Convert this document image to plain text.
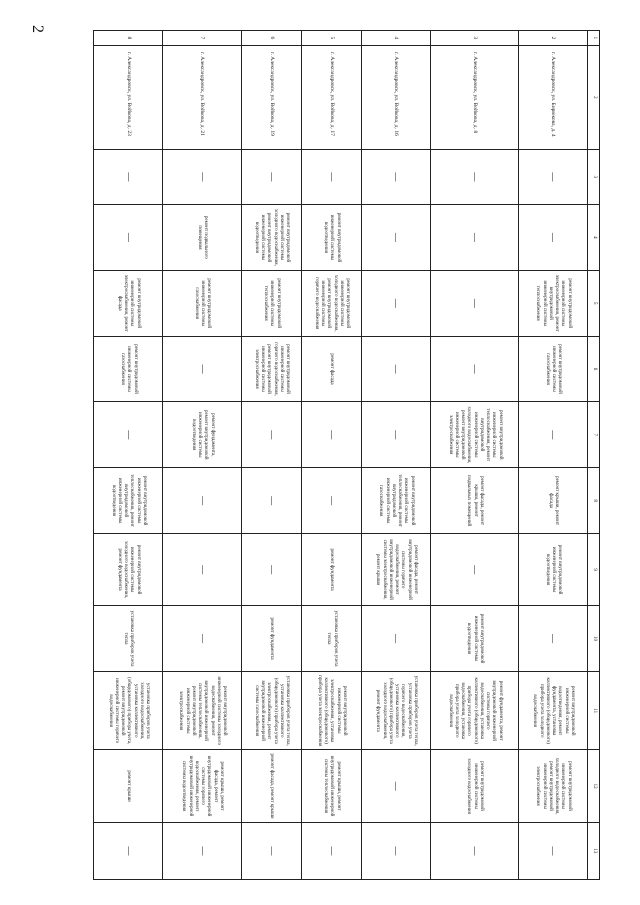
2
1	2	3	4	5	6	7	8	9	10	11	12	13
2	г. Александровск, ул. Бирюкова, д. 4	—	—	ремонт внутридомовой инженерной системы электроснабжения, ремонт внутридомовой инженерной системы теплоснабжения	ремонт внутридомовой инженерной системы газоснабжения	—	ремонт крыши, ремонт фасада	ремонт внутридомовой инженерной системы водоотведения	—	ремонт внутридомовой инженерной системы водоотведения, ремонт фундамента, установка коллективного (общедомового) прибора учета холодного водоснабжения	ремонт внутридомовой инженерной системы холодного водоснабжения, ремонт внутридомовой инженерной системы электроснабжения	—
3	г. Александровск, ул. Войкова, д. 8	—	—	—	—	ремонт внутридомовой инженерной системы теплоснабжения, ремонт внутридомовой инженерной системы холодного водоснабжения, ремонт внутридомовой инженерной системы электроснабжения	ремонт фасада, ремонт крыши, ремонт подвальных помещений	—	ремонт внутридомовой инженерной системы водоотведения	ремонт фундамента, ремонт внутридомовой инженерной системы горячего водоснабжения, установка коллективного (общедомового) прибора учета горячего водоснабжения, установка прибора учета холодного водоснабжения	ремонт внутридомовой инженерной системы холодного водоснабжения	—
4	г. Александровск, ул. Войкова, д. 16	—	—	—	—	—	ремонт внутридомовой инженерной системы теплоснабжения, ремонт внутридомовой инженерной системы газоснабжения	ремонт фасада, ремонт внутридомовой инженерной системы горячего водоснабжения, ремонт внутридомовой инженерной системы электроснабжения, ремонт крыши	—	установка приборов учета тепла, установка приборов учета горячего водоснабжения, установка коллективного (общедомового) прибора учета холодного водоснабжения, ремонт фундамента	—	—
5	г. Александровск, ул. Войкова, д. 17	—	ремонт внутридомовой инженерной системы водоотведения	ремонт внутридомовой инженерной системы холодного водоснабжения, ремонт внутридомовой инженерной системы горячего водоснабжения	ремонт фасада	—	—	ремонт фундамента	установка приборов учета тепла	ремонт внутридомовой инженерной системы электроснабжения, установка коллективного (общедомового) прибора учета электроснабжения	ремонт крыши, ремонт внутридомовой инженерной системы теплоснабжения	—
6	г. Александровск, ул. Войкова, д. 19	—	ремонт внутридомовой инженерной системы холодного водоснабжения, ремонт внутридомовой инженерной системы водоотведения	ремонт внутридомовой инженерной системы теплоснабжения	ремонт внутридомовой инженерной системы горячего водоснабжения, ремонт внутридомовой инженерной системы электроснабжения	—	—	—	ремонт фундамента	установка приборов учета тепла, установка коллективного (общедомового) прибора учета электроснабжения, ремонт внутридомовой инженерной системы газоснабжения	ремонт фасада, ремонт крыши	—
7	г. Александровск, ул. Войкова, д. 21	—	ремонт подвального помещения	ремонт внутридомовой инженерной системы газоснабжения	—	ремонт фундамента, ремонт внутридомовой инженерной системы водоотведения	—	—	—	ремонт внутридомовой инженерной системы холодного водоснабжения, ремонт внутридомовой инженерной системы теплоснабжения, ремонт внутридомовой инженерной системы электроснабжения	ремонт крыши, ремонт фасада, ремонт внутридомовой инженерной системы горячего водоснабжения, ремонт внутридомовой инженерной системы водоотведения	—
8	г. Александровск, ул. Войкова, д. 23	—	—	ремонт внутридомовой инженерной системы электроснабжения, ремонт фасада	ремонт внутридомовой инженерной системы газоснабжения	—	ремонт внутридомовой инженерной системы теплоснабжения, ремонт внутридомовой инженерной системы водоотведения	ремонт внутридомовой инженерной системы холодного водоснабжения, ремонт фундамента	установка приборов учета тепла	установка приборов учета холодного водоснабжения, установка коллективного (общедомового) прибора учета, ремонт внутридомовой инженерной системы горячего водоснабжения	ремонт крыши	—
